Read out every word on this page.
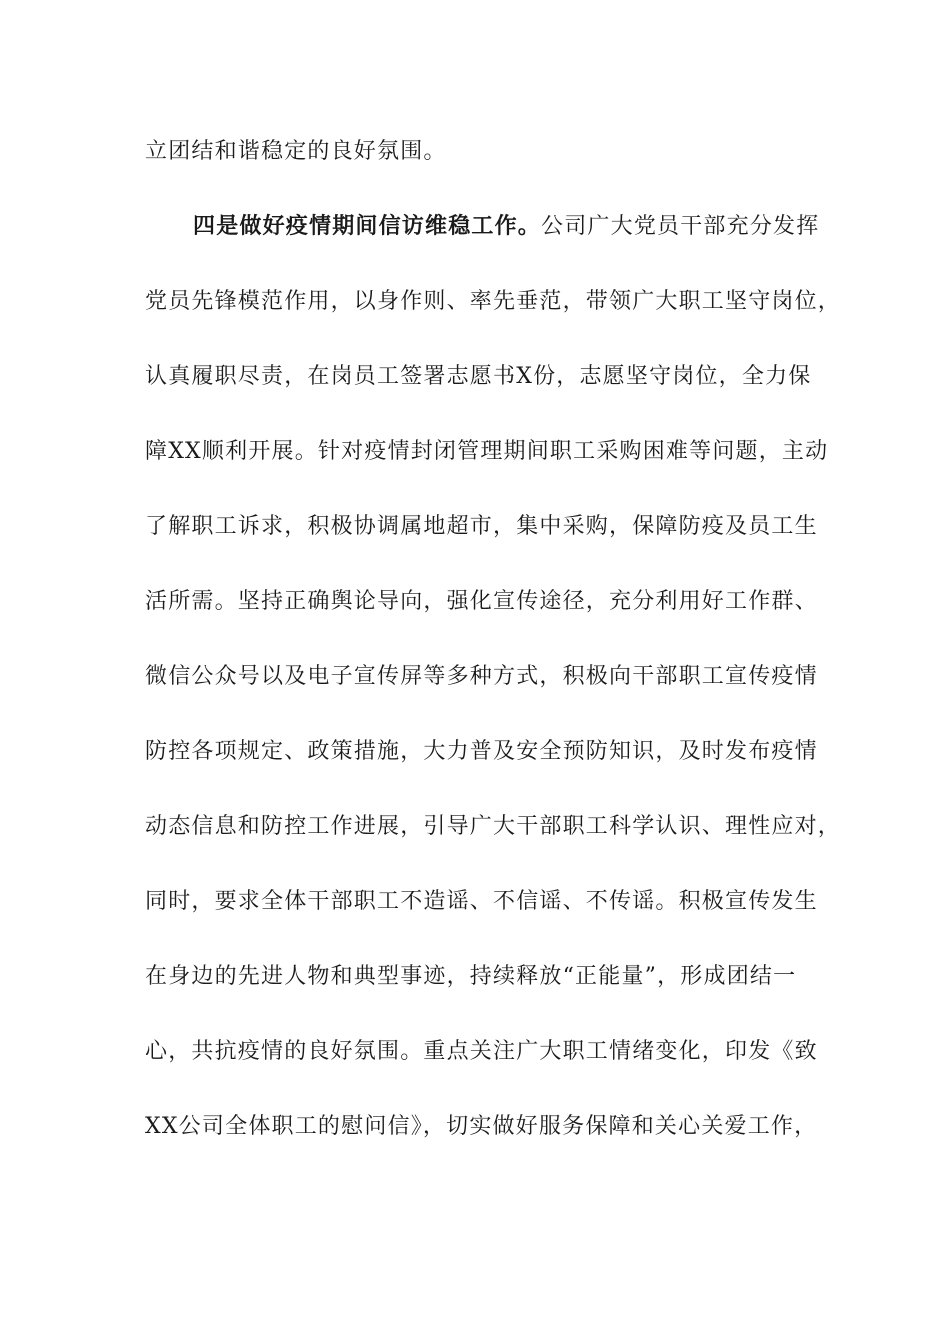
立团结和谐稳定的良好氛围。
四是做好疫情期间信访维稳工作。公司广大党员干部充分发挥
党员先锋模范作用，以身作则、率先垂范，带领广大职工坚守岗位，
认真履职尽责，在岗员工签署志愿书X份，志愿坚守岗位，全力保
障XX顺利开展。针对疫情封闭管理期间职工采购困难等问题，主动
了解职工诉求，积极协调属地超市，集中采购，保障防疫及员工生
活所需。坚持正确舆论导向，强化宣传途径，充分利用好工作群、
微信公众号以及电子宣传屏等多种方式，积极向干部职工宣传疫情
防控各项规定、政策措施，大力普及安全预防知识，及时发布疫情
动态信息和防控工作进展，引导广大干部职工科学认识、理性应对，
同时，要求全体干部职工不造谣、不信谣、不传谣。积极宣传发生
在身边的先进人物和典型事迹，持续释放“正能量”，形成团结一
心，共抗疫情的良好氛围。重点关注广大职工情绪变化，印发《致
XX公司全体职工的慰问信》，切实做好服务保障和关心关爱工作，
